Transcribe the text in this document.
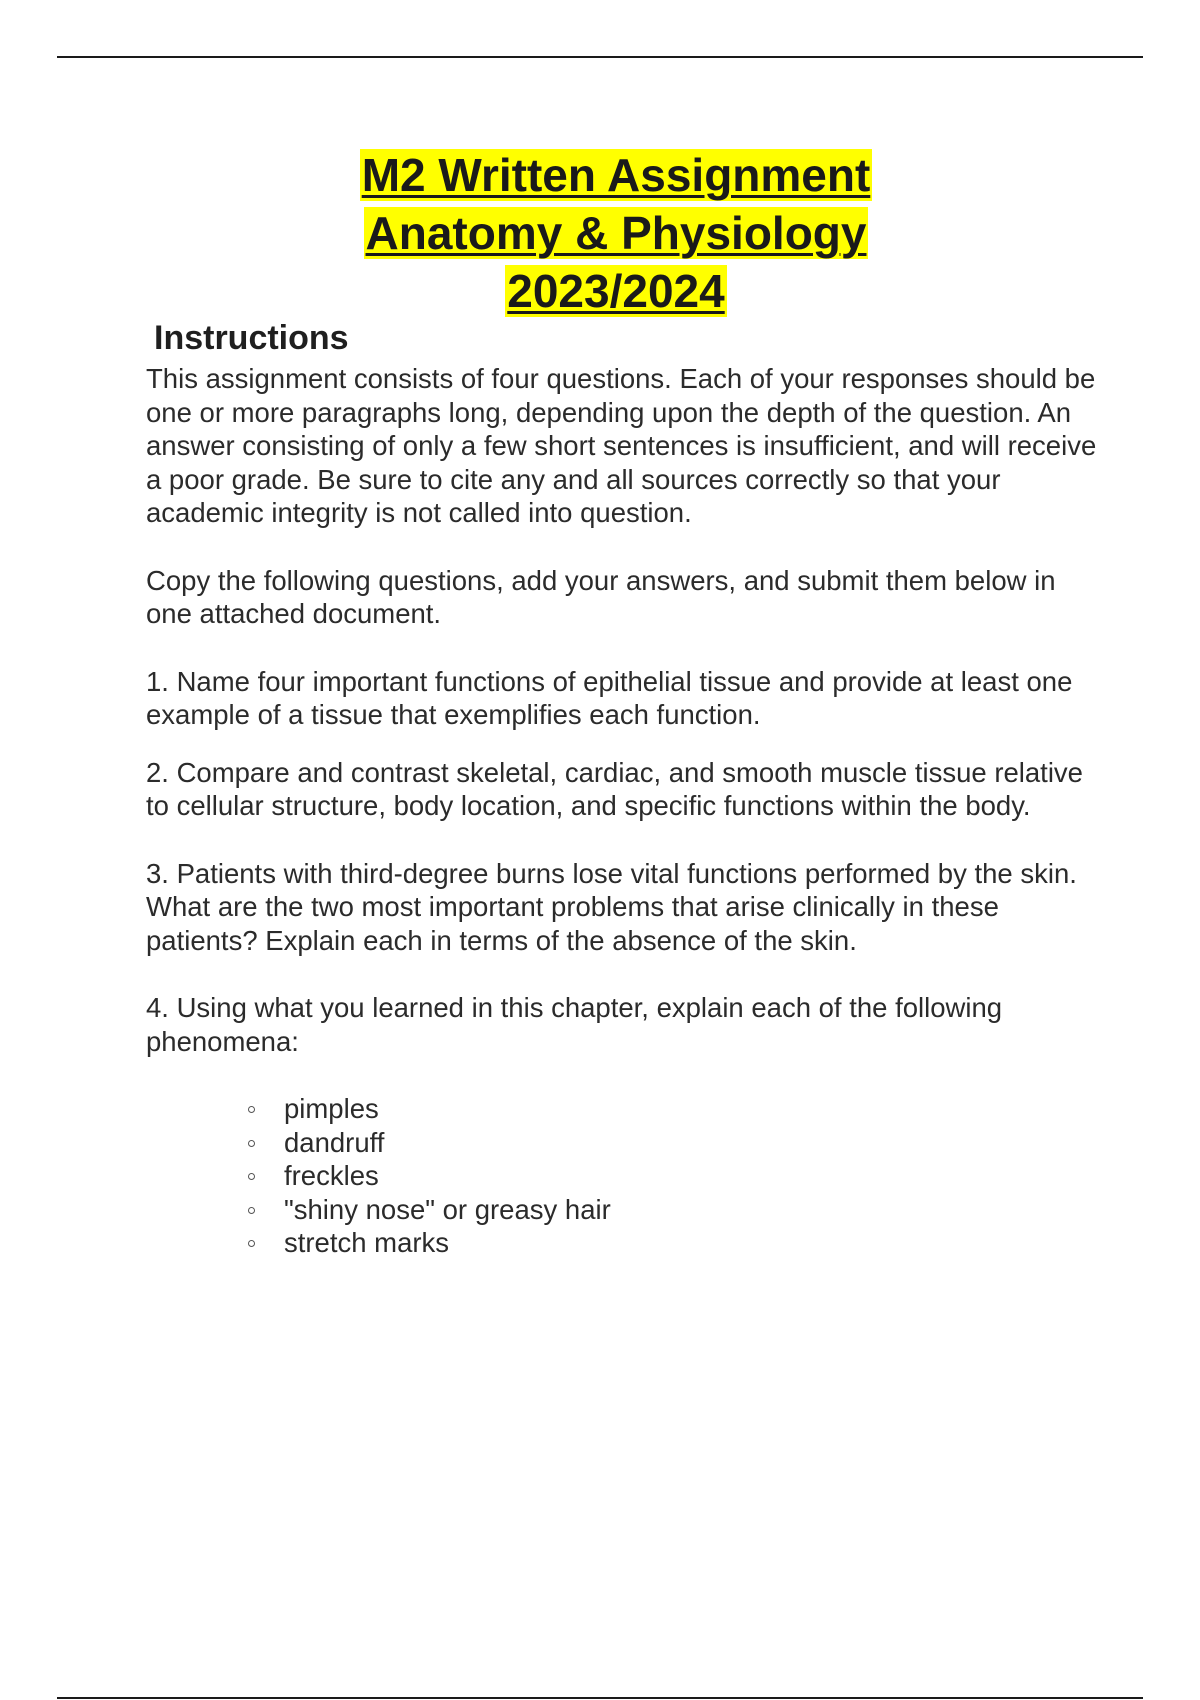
M2 Written Assignment
Anatomy & Physiology
2023/2024
Instructions

This assignment consists of four questions. Each of your responses should be one or more paragraphs long, depending upon the depth of the question. An answer consisting of only a few short sentences is insufficient, and will receive a poor grade. Be sure to cite any and all sources correctly so that your academic integrity is not called into question.

Copy the following questions, add your answers, and submit them below in one attached document.

1. Name four important functions of epithelial tissue and provide at least one example of a tissue that exemplifies each function.

2. Compare and contrast skeletal, cardiac, and smooth muscle tissue relative to cellular structure, body location, and specific functions within the body.

3. Patients with third-degree burns lose vital functions performed by the skin. What are the two most important problems that arise clinically in these patients? Explain each in terms of the absence of the skin.

4. Using what you learned in this chapter, explain each of the following phenomena:

pimples
dandruff
freckles
"shiny nose" or greasy hair
stretch marks
